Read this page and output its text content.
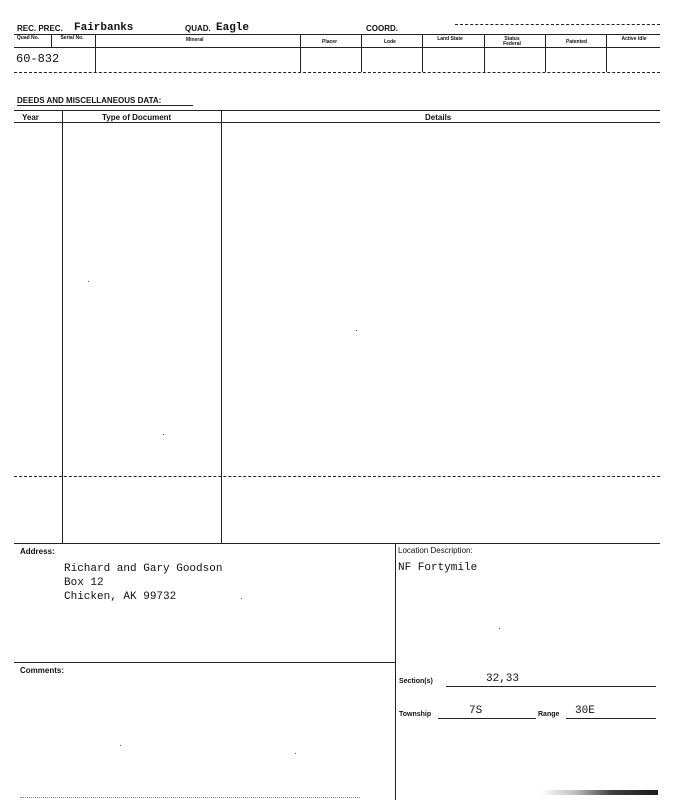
REC. PREC. Fairbanks	QUAD. Eagle	COORD.
Quad No.	Serial No.	Mineral	Placer	Lode	Land State	Status Federal	Patented	Active Idle
60-832
DEEDS AND MISCELLANEOUS DATA:
Year	Type of Document	Details
Address:
Richard and Gary Goodson
Box 12
Chicken, AK 99732
Location Description:
NF Fortymile
Comments:
Section(s)	32,33
Township	7S	Range 30E
